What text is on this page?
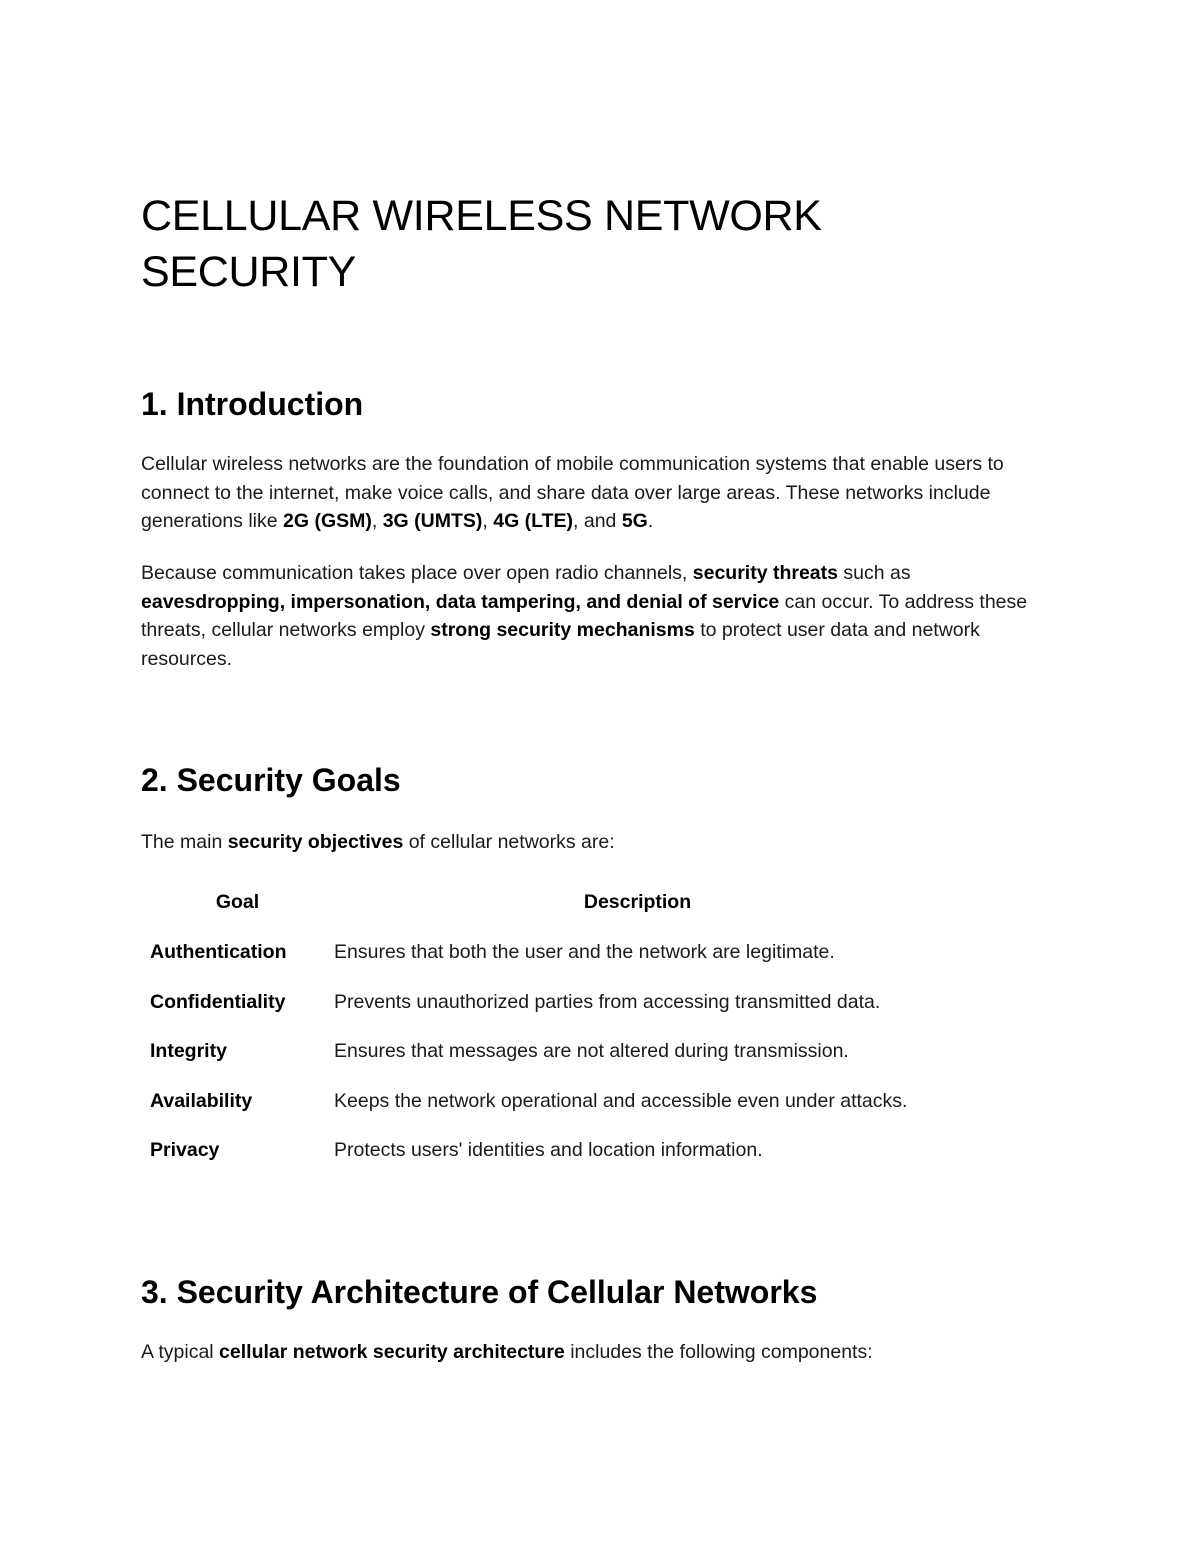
CELLULAR WIRELESS NETWORK
SECURITY
1. Introduction

Cellular wireless networks are the foundation of mobile communication systems that enable users to connect to the internet, make voice calls, and share data over large areas. These networks include generations like 2G (GSM), 3G (UMTS), 4G (LTE), and 5G.

Because communication takes place over open radio channels, security threats such as eavesdropping, impersonation, data tampering, and denial of service can occur. To address these threats, cellular networks employ strong security mechanisms to protect user data and network resources.

2. Security Goals

The main security objectives of cellular networks are:

Goal	Description
Authentication	Ensures that both the user and the network are legitimate.
Confidentiality	Prevents unauthorized parties from accessing transmitted data.
Integrity	Ensures that messages are not altered during transmission.
Availability	Keeps the network operational and accessible even under attacks.
Privacy	Protects users' identities and location information.
3. Security Architecture of Cellular Networks

A typical cellular network security architecture includes the following components:
